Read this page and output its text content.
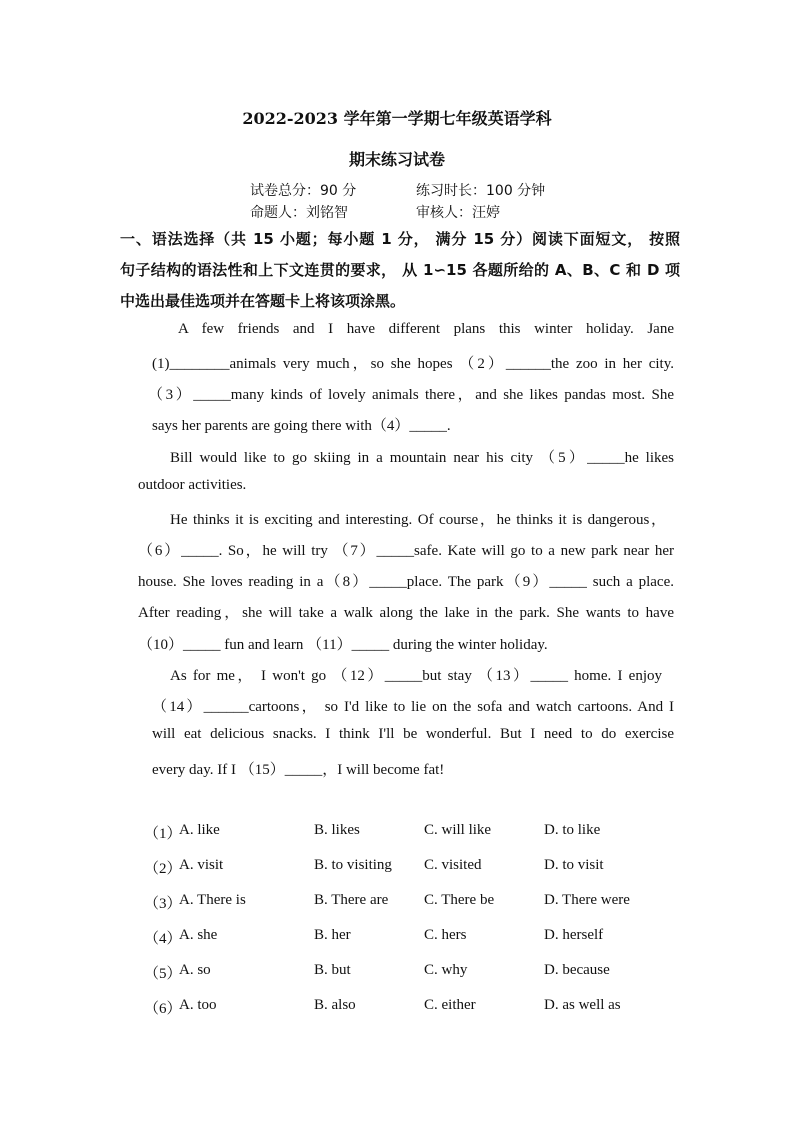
2022-2023 学年第一学期七年级英语学科
期末练习试卷
试卷总分：90 分	练习时长：100 分钟
命题人：刘铭智	审核人：汪婷
一、语法选择（共 15 小题；每小题 1 分， 满分 15 分）阅读下面短文， 按照
句子结构的语法性和上下文连贯的要求， 从 1∽15 各题所给的 A、B、C 和 D 项
中选出最佳选项并在答题卡上将该项涂黑。
A few friends and I have different plans this winter holiday. Jane
(1)________animals very much，so she hopes （2）______the zoo in her city.
（3）_____many kinds of lovely animals there，and she likes pandas most. She
says her parents are going there with（4）_____.
Bill would like to go skiing in a mountain near his city （5）_____he likes
outdoor activities.
He thinks it is exciting and interesting. Of course，he thinks it is dangerous，
（6）_____. So，he will try （7）_____safe. Kate will go to a new park near her
house. She loves reading in a（8）_____place. The park（9）_____ such a place.
After reading，she will take a walk along the lake in the park. She wants to have
（10）_____ fun and learn （11）_____ during the winter holiday.
As for me， I won't go （12）_____but stay （13）_____ home. I enjoy
（14）______cartoons， so I'd like to lie on the sofa and watch cartoons. And I
will eat delicious snacks. I think I'll be wonderful. But I need to do exercise
every day. If I （15）_____，I will become fat!
（1）
A. like	B. likes	C. will like	D. to like
（2）
A. visit	B. to visiting C. visited	D. to visit
（3）
A. There is	B. There are C. There be	D. There were
（4）
A. she	B. her	C. hers	D. herself
（5）
A. so	B. but	C. why	D. because
（6）
A. too	B. also	C. either	D. as well as
